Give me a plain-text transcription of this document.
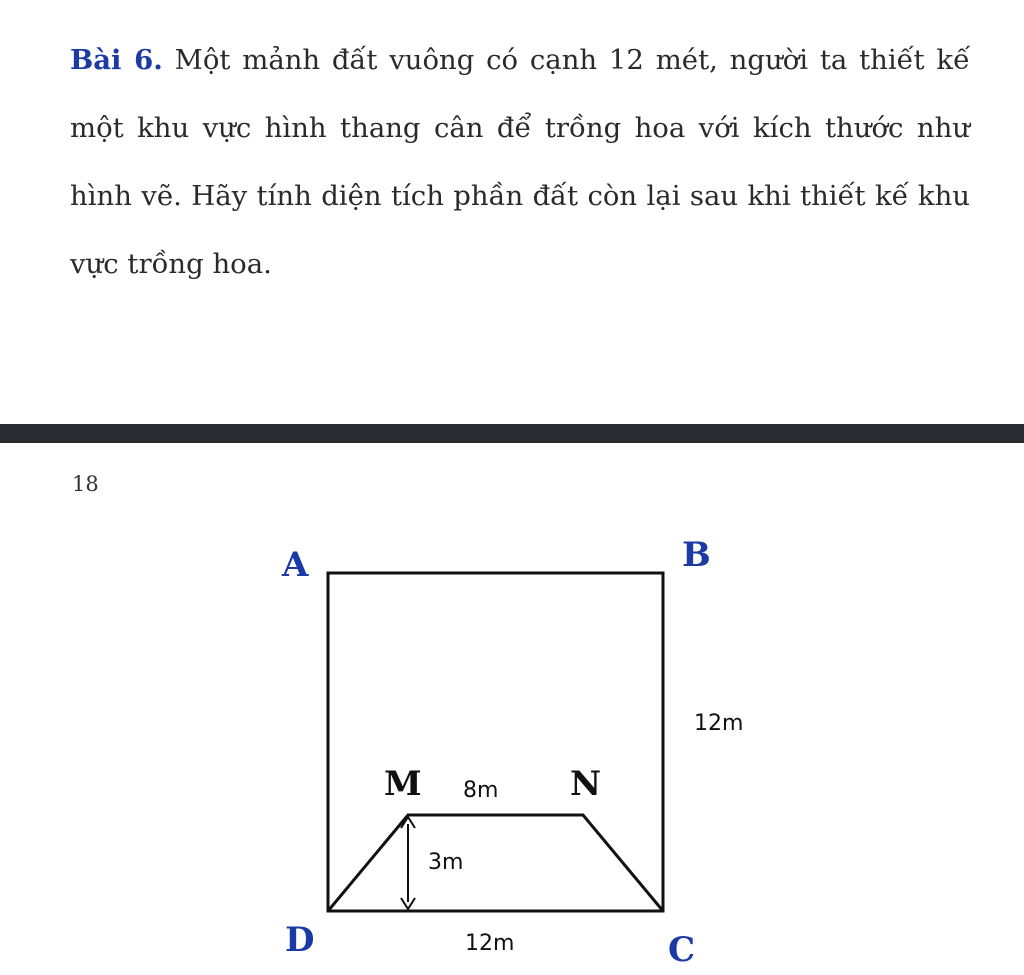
Bài 6. Một mảnh đất vuông có cạnh 12 mét, người ta thiết kế một khu vực hình thang cân để trồng hoa với kích thước như hình vẽ. Hãy tính diện tích phần đất còn lại sau khi thiết kế khu vực trồng hoa.
18
A	B
D	C
M	N
12m
8m
3m
12m
